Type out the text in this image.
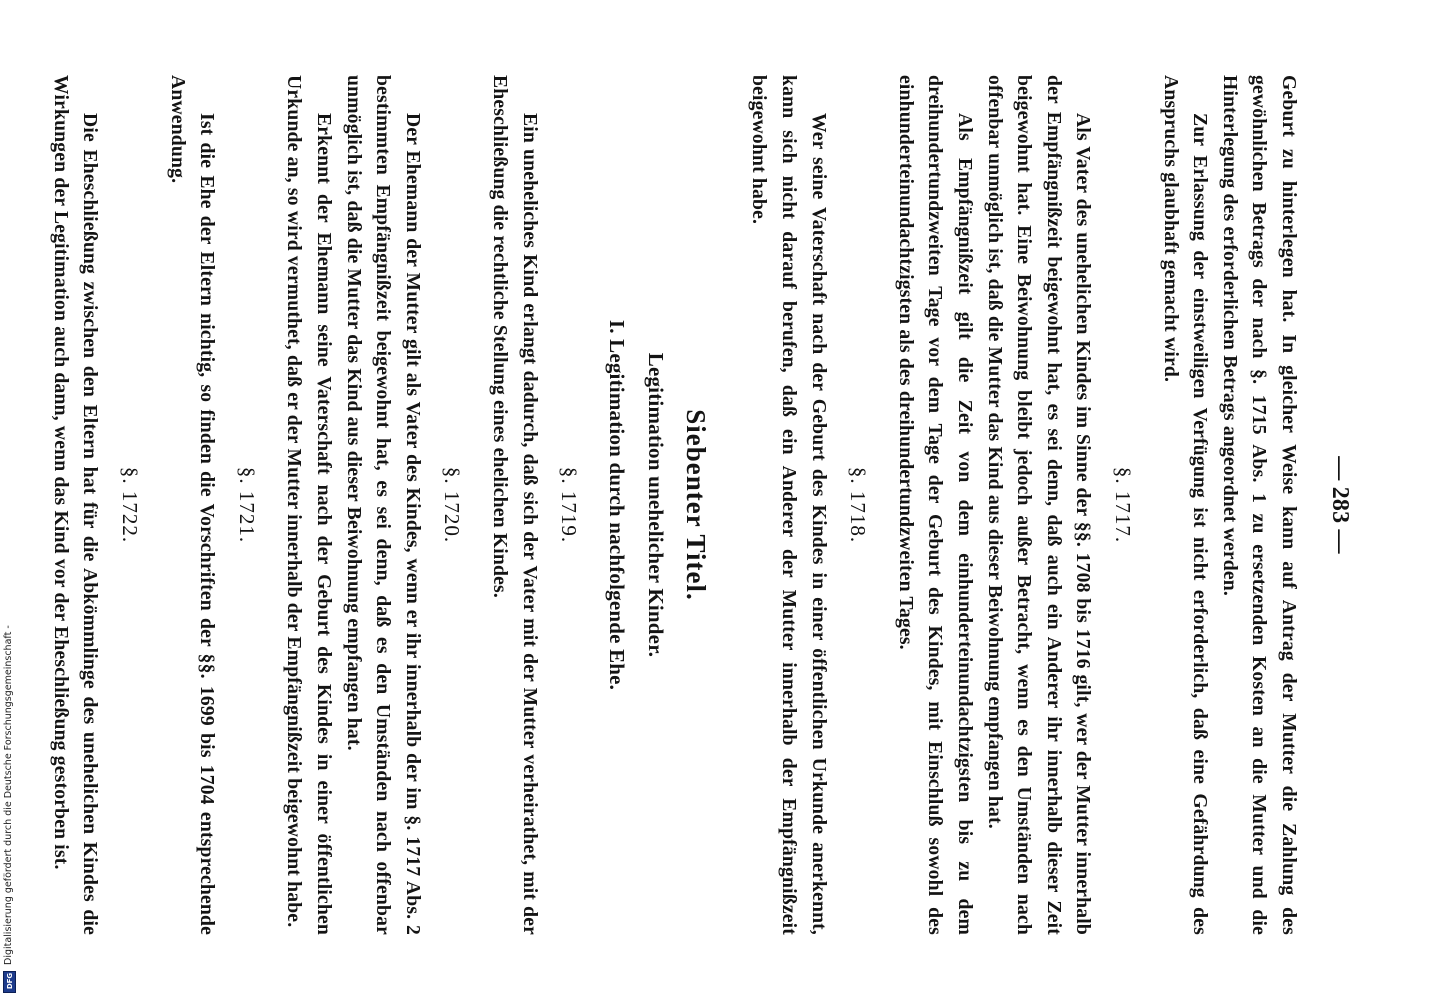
— 283 —
Geburt zu hinterlegen hat. In gleicher Weise kann auf Antrag der Mutter die Zahlung des gewöhnlichen Betrags der nach §. 1715 Abs. 1 zu ersetzenden Kosten an die Mutter und die Hinterlegung des erforderlichen Betrags angeordnet werden.
Zur Erlassung der einstweiligen Verfügung ist nicht erforderlich, daß eine Gefährdung des Anspruchs glaubhaft gemacht wird.
§. 1717.
Als Vater des unehelichen Kindes im Sinne der §§. 1708 bis 1716 gilt, wer der Mutter innerhalb der Empfängnißzeit beigewohnt hat, es sei denn, daß auch ein Anderer ihr innerhalb dieser Zeit beigewohnt hat. Eine Beiwohnung bleibt jedoch außer Betracht, wenn es den Umständen nach offenbar unmöglich ist, daß die Mutter das Kind aus dieser Beiwohnung empfangen hat.
Als Empfängnißzeit gilt die Zeit von dem einhunderteinundachtzigsten bis zu dem dreihundertundzweiten Tage vor dem Tage der Geburt des Kindes, mit Einschluß sowohl des einhunderteinundachtzigsten als des dreihundertundzweiten Tages.
§. 1718.
Wer seine Vaterschaft nach der Geburt des Kindes in einer öffentlichen Urkunde anerkennt, kann sich nicht darauf berufen, daß ein Anderer der Mutter innerhalb der Empfängnißzeit beigewohnt habe.
Siebenter Titel.
Legitimation unehelicher Kinder.
I. Legitimation durch nachfolgende Ehe.
§. 1719.
Ein uneheliches Kind erlangt dadurch, daß sich der Vater mit der Mutter verheirathet, mit der Eheschließung die rechtliche Stellung eines ehelichen Kindes.
§. 1720.
Der Ehemann der Mutter gilt als Vater des Kindes, wenn er ihr innerhalb der im §. 1717 Abs. 2 bestimmten Empfängnißzeit beigewohnt hat, es sei denn, daß es den Umständen nach offenbar unmöglich ist, daß die Mutter das Kind aus dieser Beiwohnung empfangen hat.
Erkennt der Ehemann seine Vaterschaft nach der Geburt des Kindes in einer öffentlichen Urkunde an, so wird vermuthet, daß er der Mutter innerhalb der Empfängnißzeit beigewohnt habe.
§. 1721.
Ist die Ehe der Eltern nichtig, so finden die Vorschriften der §§. 1699 bis 1704 entsprechende Anwendung.
§. 1722.
Die Eheschließung zwischen den Eltern hat für die Abkömmlinge des unehelichen Kindes die Wirkungen der Legitimation auch dann, wenn das Kind vor der Eheschließung gestorben ist.
Digitalisierung gefördert durch die Deutsche Forschungsgemeinschaft -
DFG
